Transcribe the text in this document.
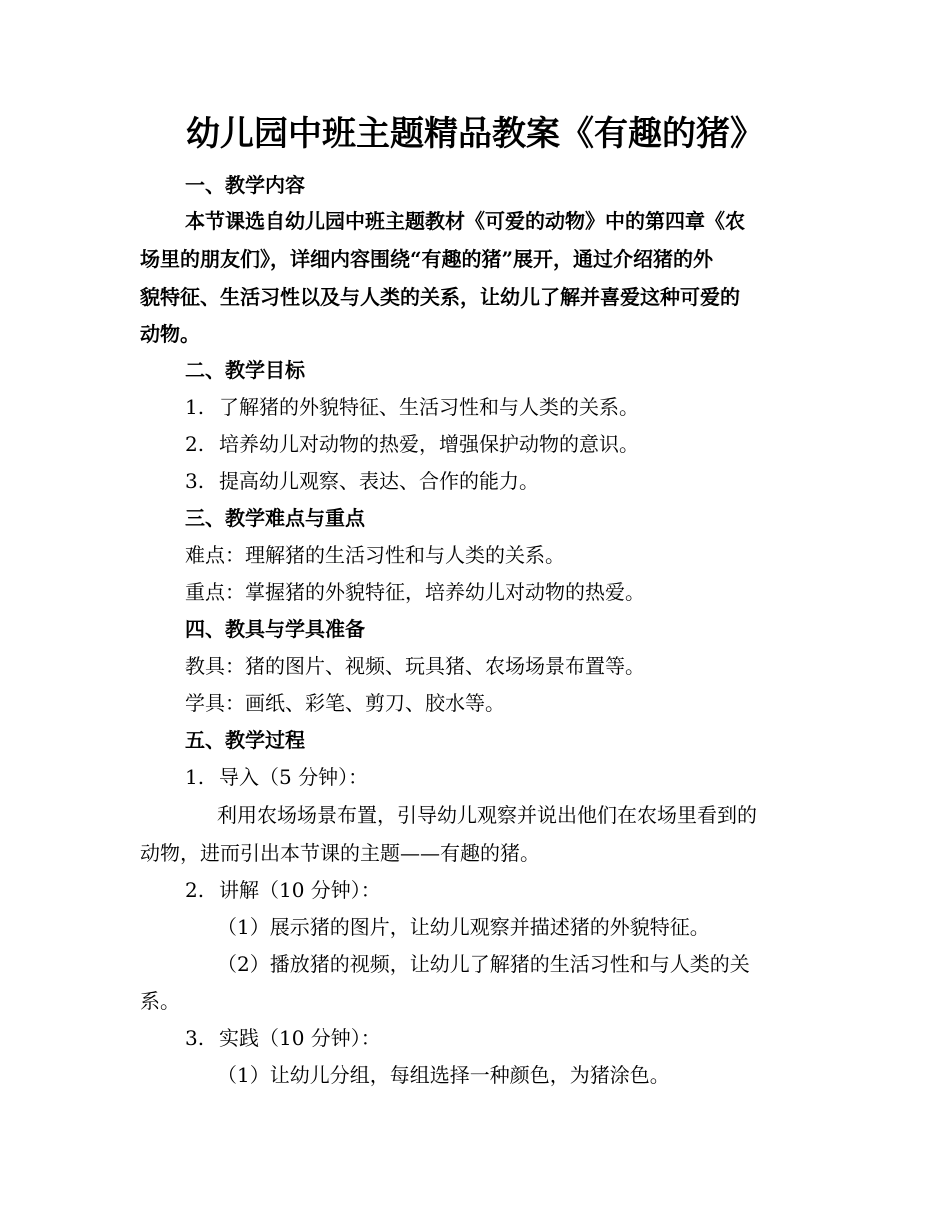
幼儿园中班主题精品教案《有趣的猪》

一、教学内容

本节课选自幼儿园中班主题教材《可爱的动物》中的第四章《农

场里的朋友们》，详细内容围绕“有趣的猪”展开，通过介绍猪的外

貌特征、生活习性以及与人类的关系，让幼儿了解并喜爱这种可爱的

动物。

二、教学目标

1. 了解猪的外貌特征、生活习性和与人类的关系。

2. 培养幼儿对动物的热爱，增强保护动物的意识。

3. 提高幼儿观察、表达、合作的能力。

三、教学难点与重点

难点：理解猪的生活习性和与人类的关系。

重点：掌握猪的外貌特征，培养幼儿对动物的热爱。

四、教具与学具准备

教具：猪的图片、视频、玩具猪、农场场景布置等。

学具：画纸、彩笔、剪刀、胶水等。

五、教学过程

1. 导入（5 分钟）：

利用农场场景布置，引导幼儿观察并说出他们在农场里看到的

动物，进而引出本节课的主题——有趣的猪。

2. 讲解（10 分钟）：

（1）展示猪的图片，让幼儿观察并描述猪的外貌特征。

（2）播放猪的视频，让幼儿了解猪的生活习性和与人类的关

系。

3. 实践（10 分钟）：

（1）让幼儿分组，每组选择一种颜色，为猪涂色。
